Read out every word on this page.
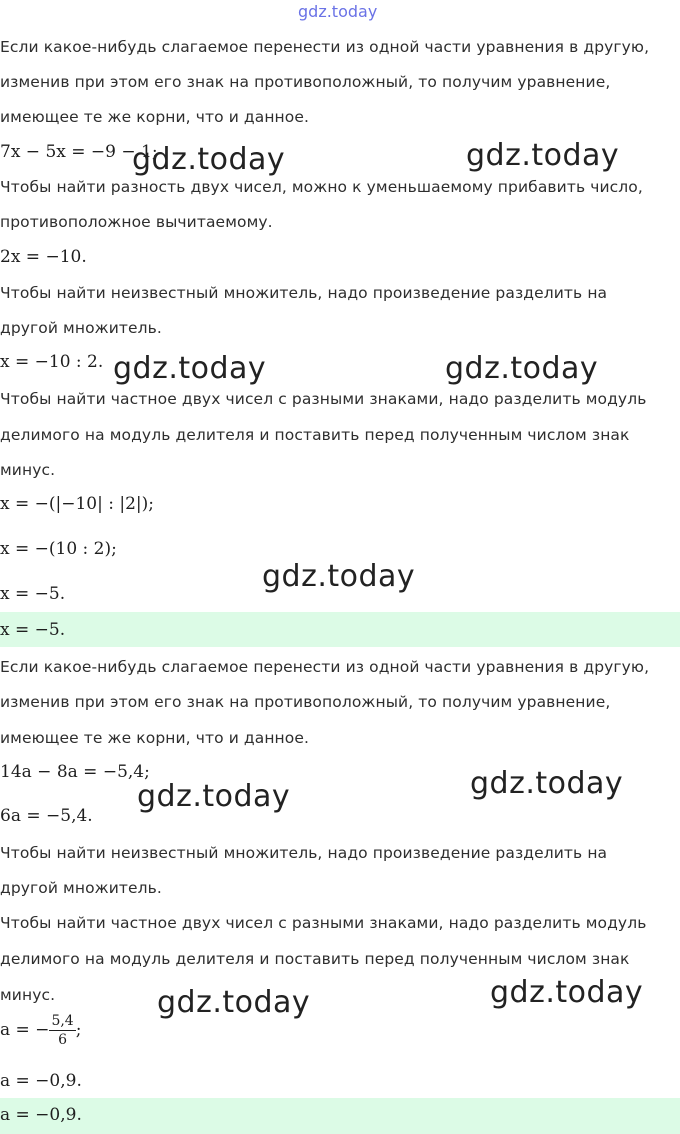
gdz.today
Если какое-нибудь слагаемое перенести из одной части уравнения в другую,
изменив при этом его знак на противоположный, то получим уравнение,
имеющее те же корни, что и данное.
7x − 5x = −9 − 1;
Чтобы найти разность двух чисел, можно к уменьшаемому прибавить число,
противоположное вычитаемому.
2x = −10.
Чтобы найти неизвестный множитель, надо произведение разделить на
другой множитель.
x = −10 : 2.
Чтобы найти частное двух чисел с разными знаками, надо разделить модуль
делимого на модуль делителя и поставить перед полученным числом знак
минус.
x = −(|−10| : |2|);
x = −(10 : 2);
x = −5.
x = −5.
Если какое-нибудь слагаемое перенести из одной части уравнения в другую,
изменив при этом его знак на противоположный, то получим уравнение,
имеющее те же корни, что и данное.
14a − 8a = −5,4;
6a = −5,4.
Чтобы найти неизвестный множитель, надо произведение разделить на
другой множитель.
Чтобы найти частное двух чисел с разными знаками, надо разделить модуль
делимого на модуль делителя и поставить перед полученным числом знак
минус.
a = − $\frac{5,4}{6}$ ;
a = −0,9.
a = −0,9.
gdz.today	gdz.today
gdz.today	gdz.today
gdz.today
gdz.today
gdz.today
gdz.today
gdz.today
